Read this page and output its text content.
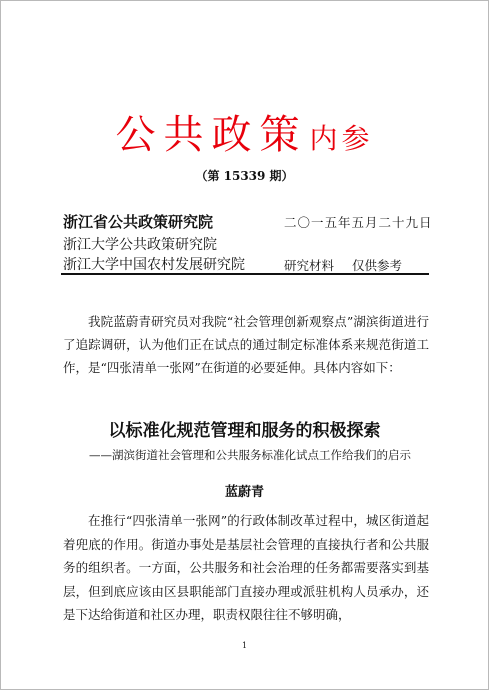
公共政策内参
（第 15339 期）
浙江省公共政策研究院
浙江大学公共政策研究院
浙江大学中国农村发展研究院
二〇一五年五月二十九日
研究材料 仅供参考
我院蓝蔚青研究员对我院“社会管理创新观察点”湖滨街道进行了追踪调研，认为他们正在试点的通过制定标准体系来规范街道工作，是“四张清单一张网”在街道的必要延伸。具体内容如下：
以标准化规范管理和服务的积极探索
——湖滨街道社会管理和公共服务标准化试点工作给我们的启示
蓝蔚青
在推行“四张清单一张网”的行政体制改革过程中，城区街道起着兜底的作用。街道办事处是基层社会管理的直接执行者和公共服务的组织者。一方面，公共服务和社会治理的任务都需要落实到基层，但到底应该由区县职能部门直接办理或派驻机构人员承办，还是下达给街道和社区办理，职责权限往往不够明确，
1
